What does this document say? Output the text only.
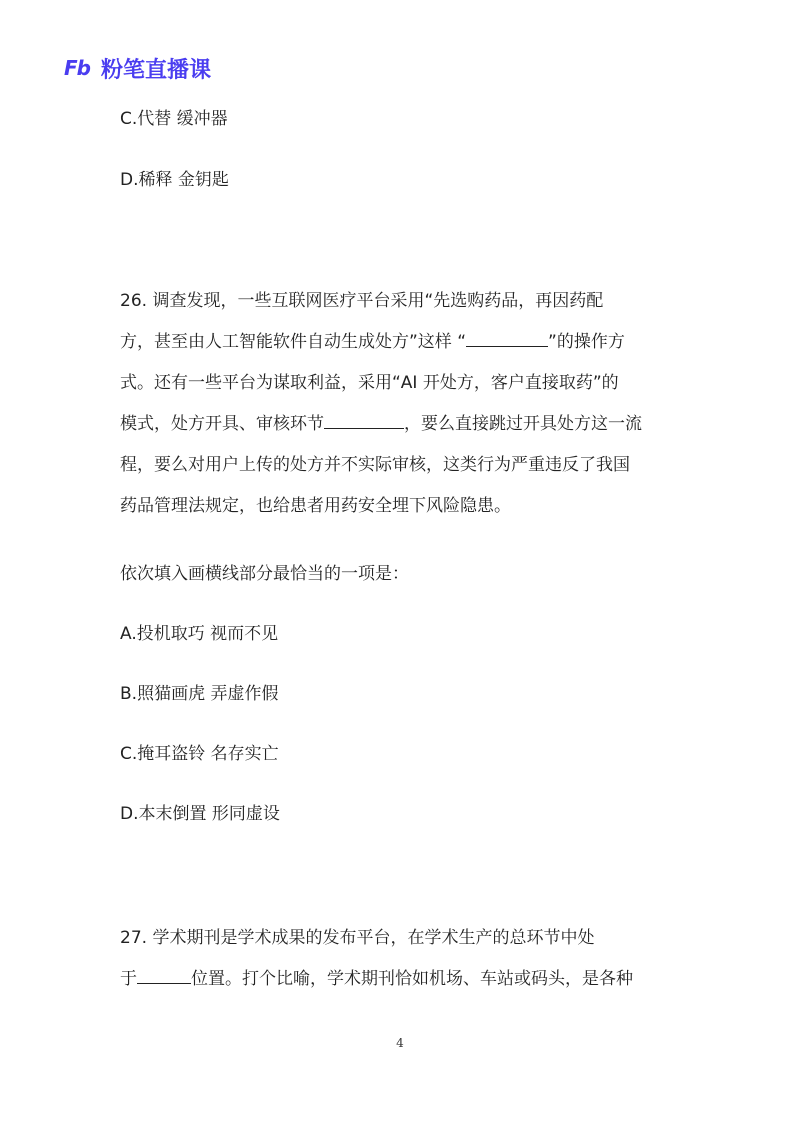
Fb 粉笔直播课

C.代替 缓冲器

D.稀释 金钥匙

26. 调查发现，一些互联网医疗平台采用“先选购药品，再因药配

方，甚至由人工智能软件自动生成处方”这样 “	”的操作方

式。还有一些平台为谋取利益，采用“AI 开处方，客户直接取药”的

模式，处方开具、审核环节	，要么直接跳过开具处方这一流

程，要么对用户上传的处方并不实际审核，这类行为严重违反了我国

药品管理法规定，也给患者用药安全埋下风险隐患。

依次填入画横线部分最恰当的一项是：

A.投机取巧 视而不见

B.照猫画虎 弄虚作假

C.掩耳盗铃 名存实亡

D.本末倒置 形同虚设

27. 学术期刊是学术成果的发布平台，在学术生产的总环节中处

于	位置。打个比喻，学术期刊恰如机场、车站或码头，是各种

4
